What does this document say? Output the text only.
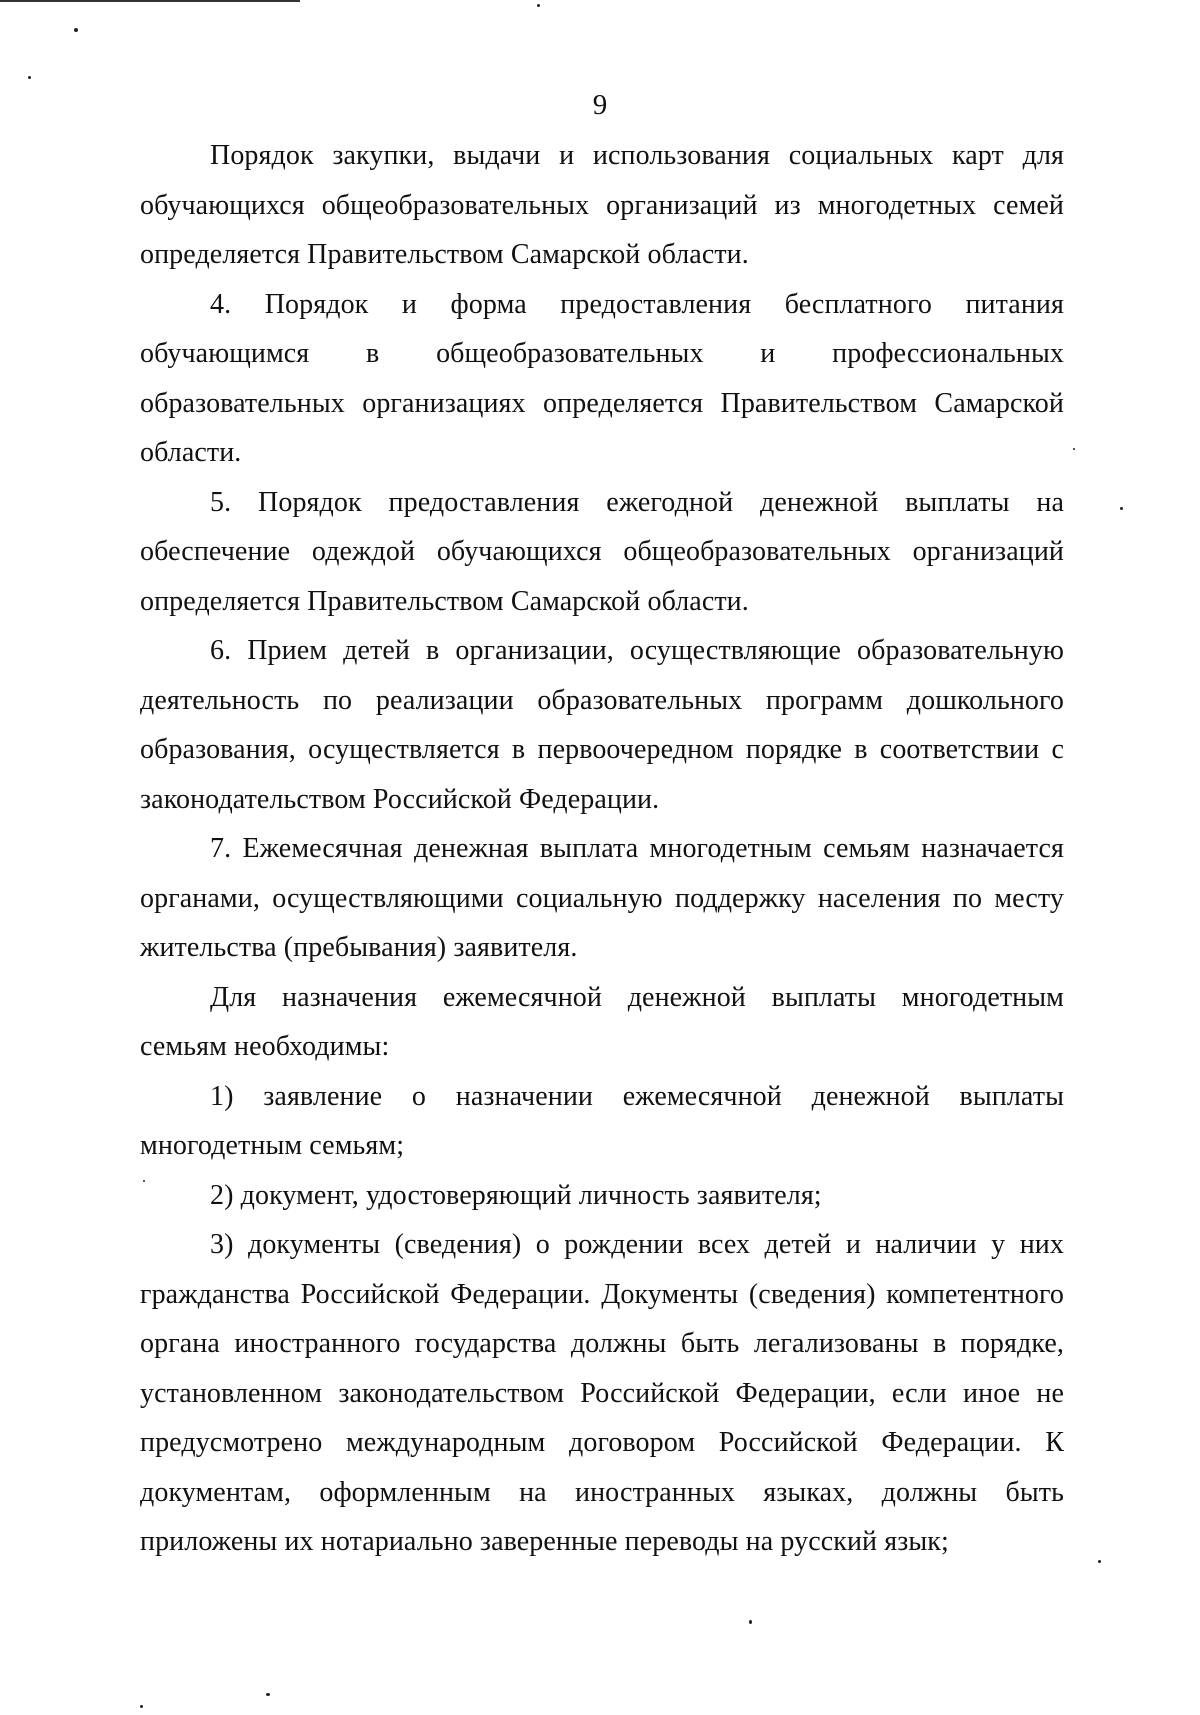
9

Порядок закупки, выдачи и использования социальных карт для обучающихся общеобразовательных организаций из многодетных семей определяется Правительством Самарской области.

4. Порядок и форма предоставления бесплатного питания обучающимся в общеобразовательных и профессиональных образовательных организациях определяется Правительством Самарской области.

5. Порядок предоставления ежегодной денежной выплаты на обеспечение одеждой обучающихся общеобразовательных организаций определяется Правительством Самарской области.

6. Прием детей в организации, осуществляющие образовательную деятельность по реализации образовательных программ дошкольного образования, осуществляется в первоочередном порядке в соответствии с законодательством Российской Федерации.

7. Ежемесячная денежная выплата многодетным семьям назначается органами, осуществляющими социальную поддержку населения по месту жительства (пребывания) заявителя.

Для назначения ежемесячной денежной выплаты многодетным семьям необходимы:

1) заявление о назначении ежемесячной денежной выплаты многодетным семьям;

2) документ, удостоверяющий личность заявителя;

3) документы (сведения) о рождении всех детей и наличии у них гражданства Российской Федерации. Документы (сведения) компетентного органа иностранного государства должны быть легализованы в порядке, установленном законодательством Российской Федерации, если иное не предусмотрено международным договором Российской Федерации. К документам, оформленным на иностранных языках, должны быть приложены их нотариально заверенные переводы на русский язык;
